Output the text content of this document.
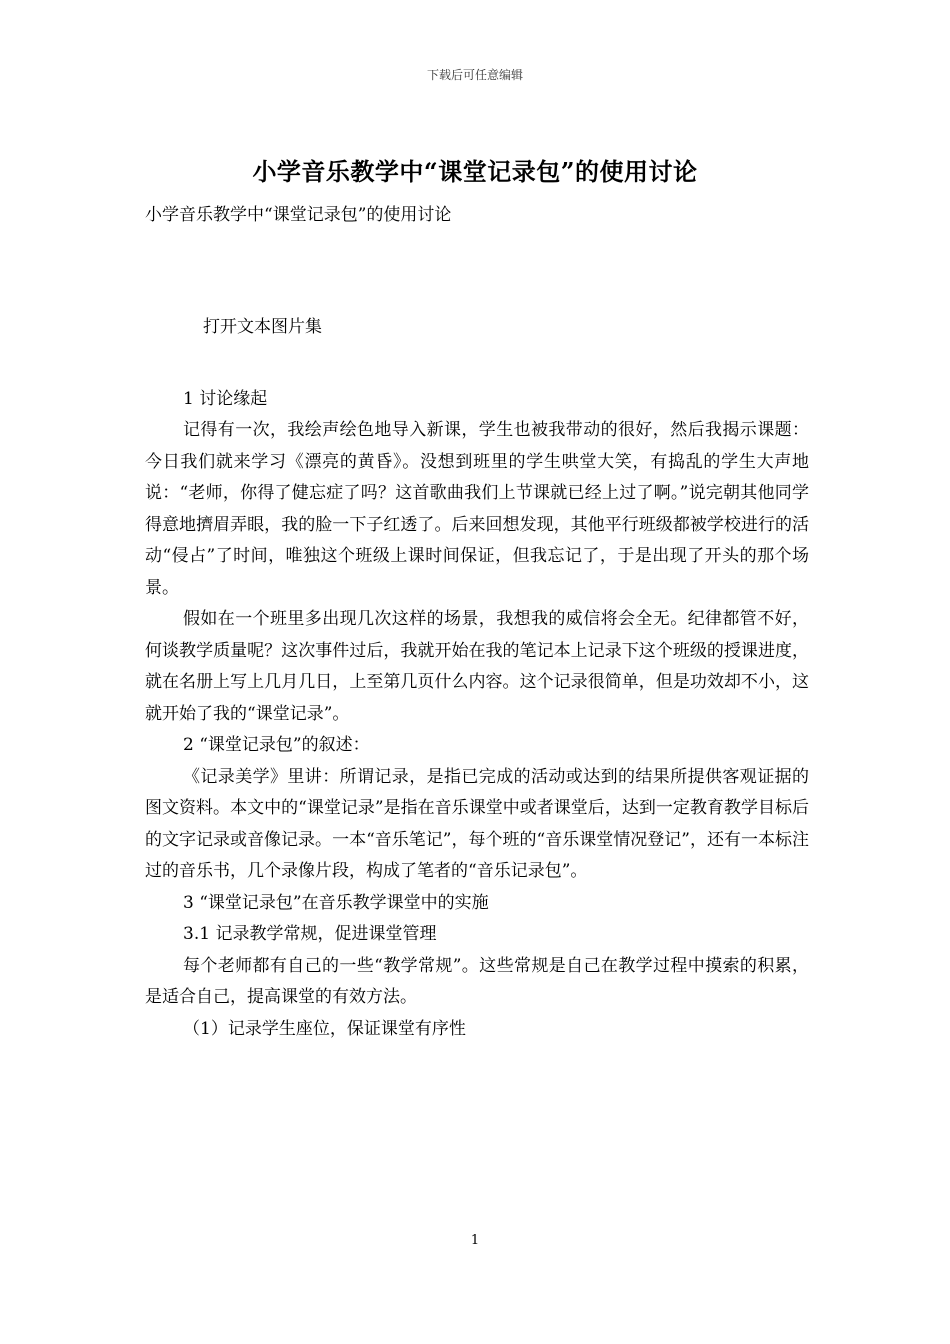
下载后可任意编辑
小学音乐教学中“课堂记录包”的使用讨论
小学音乐教学中“课堂记录包”的使用讨论

打开文本图片集

1 讨论缘起

记得有一次，我绘声绘色地导入新课，学生也被我带动的很好，然后我揭示课题：今日我们就来学习《漂亮的黄昏》。没想到班里的学生哄堂大笑，有捣乱的学生大声地说：“老师，你得了健忘症了吗？这首歌曲我们上节课就已经上过了啊。”说完朝其他同学得意地擠眉弄眼，我的脸一下子红透了。后来回想发现，其他平行班级都被学校进行的活动“侵占”了时间，唯独这个班级上课时间保证，但我忘记了，于是出现了开头的那个场景。

假如在一个班里多出现几次这样的场景，我想我的威信将会全无。纪律都管不好，何谈教学质量呢？这次事件过后，我就开始在我的笔记本上记录下这个班级的授课进度，就在名册上写上几月几日，上至第几页什么内容。这个记录很简单，但是功效却不小，这就开始了我的“课堂记录”。

2 “课堂记录包”的叙述：

《记录美学》里讲：所谓记录，是指已完成的活动或达到的结果所提供客观证据的图文资料。本文中的“课堂记录”是指在音乐课堂中或者课堂后，达到一定教育教学目标后的文字记录或音像记录。一本“音乐笔记”，每个班的“音乐课堂情况登记”，还有一本标注过的音乐书，几个录像片段，构成了笔者的“音乐记录包”。

3 “课堂记录包”在音乐教学课堂中的实施

3.1 记录教学常规，促进课堂管理

每个老师都有自己的一些“教学常规”。这些常规是自己在教学过程中摸索的积累，是适合自己，提高课堂的有效方法。

（1）记录学生座位，保证课堂有序性

1
